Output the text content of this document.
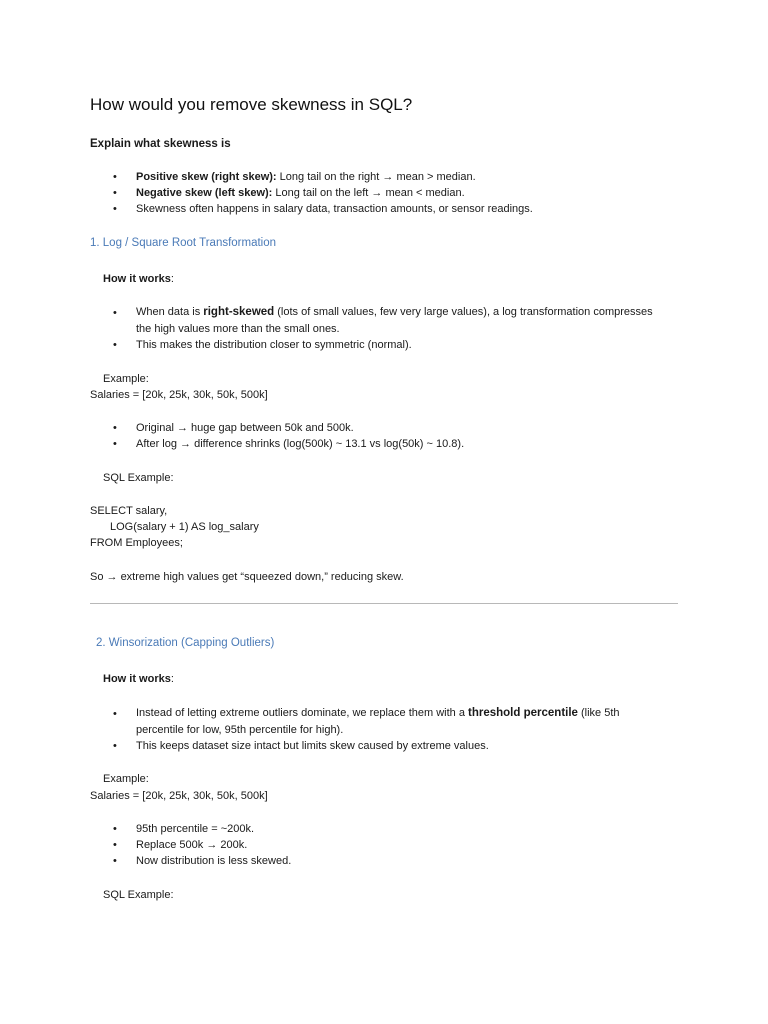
How would you remove skewness in SQL?
Explain what skewness is
• Positive skew (right skew): Long tail on the right → mean > median.
• Negative skew (left skew): Long tail on the left → mean < median.
• Skewness often happens in salary data, transaction amounts, or sensor readings.
1. Log / Square Root Transformation
How it works:
• When data is right-skewed (lots of small values, few very large values), a log transformation compresses
the high values more than the small ones.
• This makes the distribution closer to symmetric (normal).
Example:
Salaries = [20k, 25k, 30k, 50k, 500k]
• Original → huge gap between 50k and 500k.
• After log → difference shrinks (log(500k) ~ 13.1 vs log(50k) ~ 10.8).
SQL Example:
SELECT salary,
LOG(salary + 1) AS log_salary
FROM Employees;
So → extreme high values get “squeezed down,” reducing skew.
2. Winsorization (Capping Outliers)
How it works:
• Instead of letting extreme outliers dominate, we replace them with a threshold percentile (like 5th
percentile for low, 95th percentile for high).
• This keeps dataset size intact but limits skew caused by extreme values.
Example:
Salaries = [20k, 25k, 30k, 50k, 500k]
• 95th percentile = ~200k.
• Replace 500k → 200k.
• Now distribution is less skewed.
SQL Example:
